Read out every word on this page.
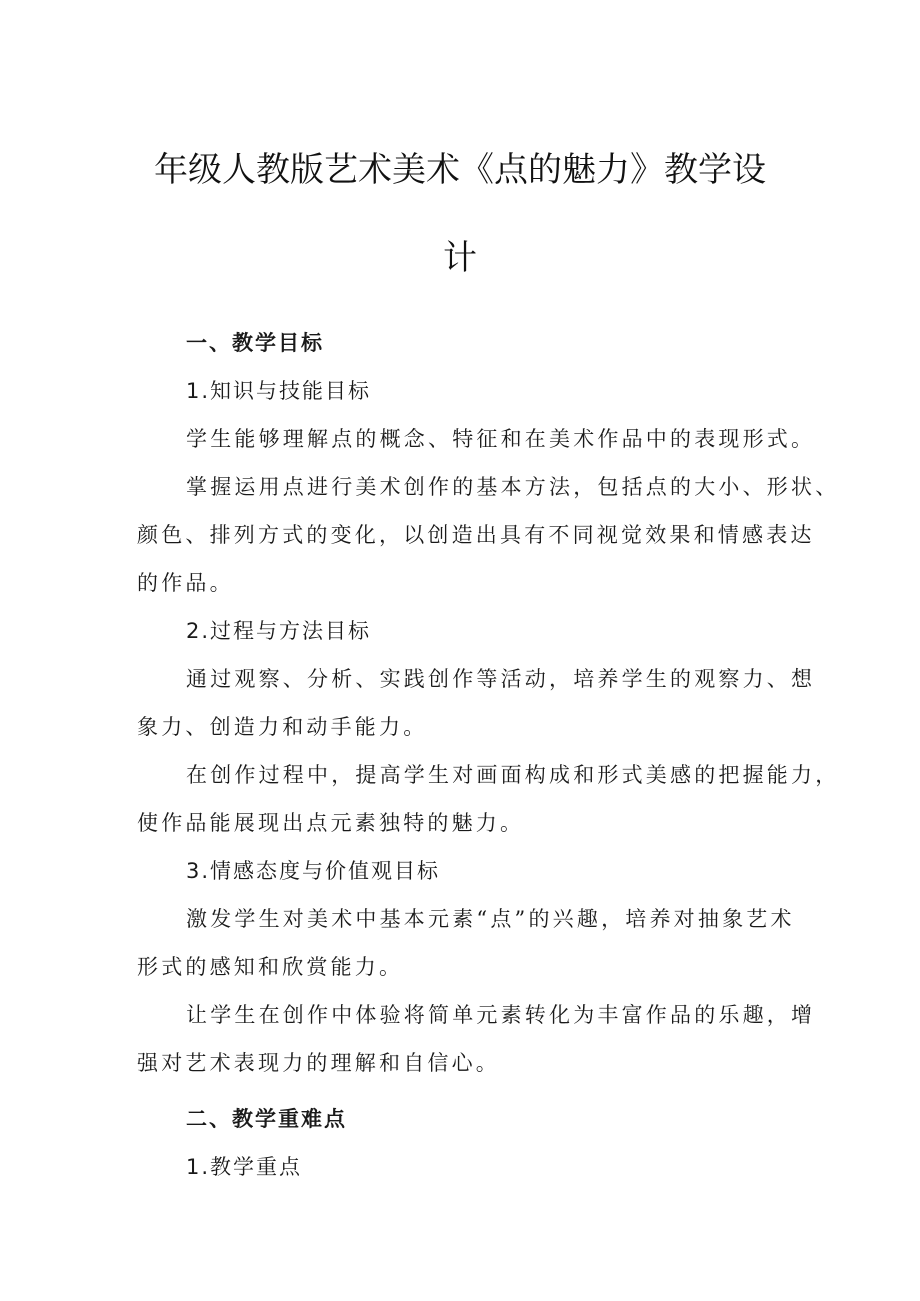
年级人教版艺术美术《点的魅力》教学设
计
一、教学目标
1.知识与技能目标
学生能够理解点的概念、特征和在美术作品中的表现形式。
掌握运用点进行美术创作的基本方法，包括点的大小、形状、
颜色、排列方式的变化，以创造出具有不同视觉效果和情感表达
的作品。
2.过程与方法目标
通过观察、分析、实践创作等活动，培养学生的观察力、想
象力、创造力和动手能力。
在创作过程中，提高学生对画面构成和形式美感的把握能力，
使作品能展现出点元素独特的魅力。
3.情感态度与价值观目标
激发学生对美术中基本元素“点”的兴趣，培养对抽象艺术
形式的感知和欣赏能力。
让学生在创作中体验将简单元素转化为丰富作品的乐趣，增
强对艺术表现力的理解和自信心。
二、教学重难点
1.教学重点
